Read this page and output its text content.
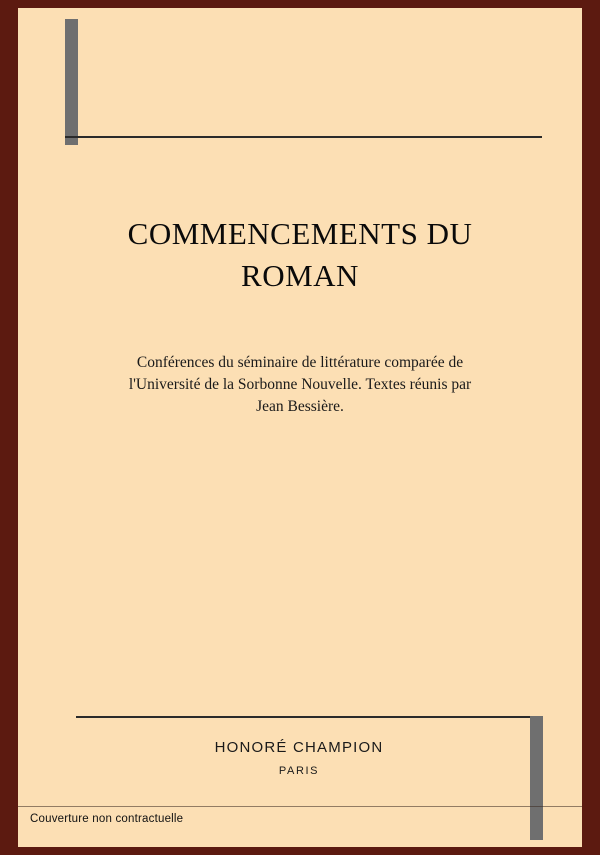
COMMENCEMENTS DU ROMAN
Conférences du séminaire de littérature comparée de l'Université de la Sorbonne Nouvelle. Textes réunis par Jean Bessière.
HONORÉ CHAMPION
PARIS
Couverture non contractuelle
